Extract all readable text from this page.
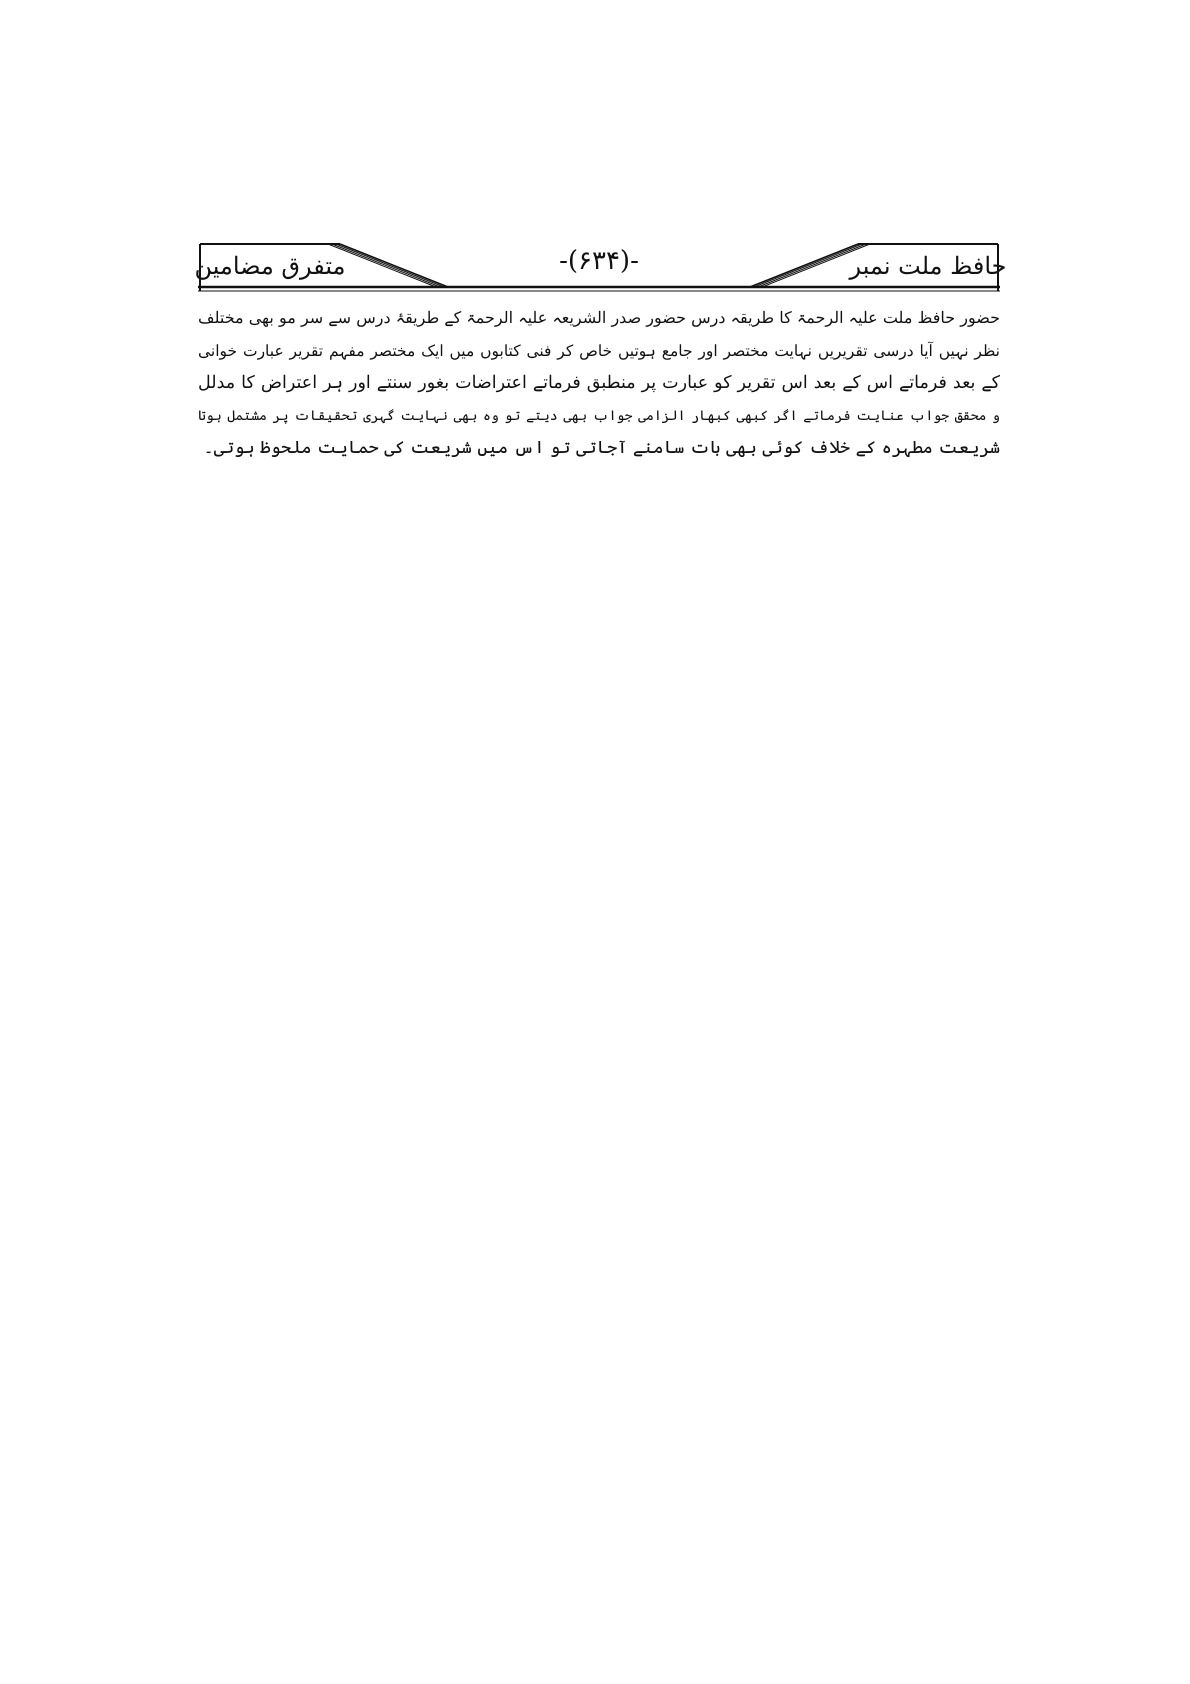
حافظ ملت نمبر
متفرق مضامین	-(۶۳۴)-
حضور حافظ ملت علیہ الرحمۃ کا طریقہ درس حضور صدر الشریعہ علیہ الرحمۃ کے طریقۂ درس سے سر مو بھی مختلف
نظر نہیں آیا درسی تقریریں نہایت مختصر اور جامع ہوتیں خاص کر فنی کتابوں میں ایک مختصر مفہم تقریر عبارت خوانی
کے بعد فرماتے اس کے بعد اس تقریر کو عبارت پر منطبق فرماتے اعتراضات بغور سنتے اور ہر اعتراض کا مدلل
و محقق جواب عنایت فرماتے اگر کبھی کبھار الزامی جواب بھی دیتے تو وہ بھی نہایت گہری تحقیقات پر مشتمل ہوتا
شریعت مطہرہ کے خلاف کوئی بھی بات سامنے آجاتی تو اس میں شریعت کی حمایت ملحوظ ہوتی۔
